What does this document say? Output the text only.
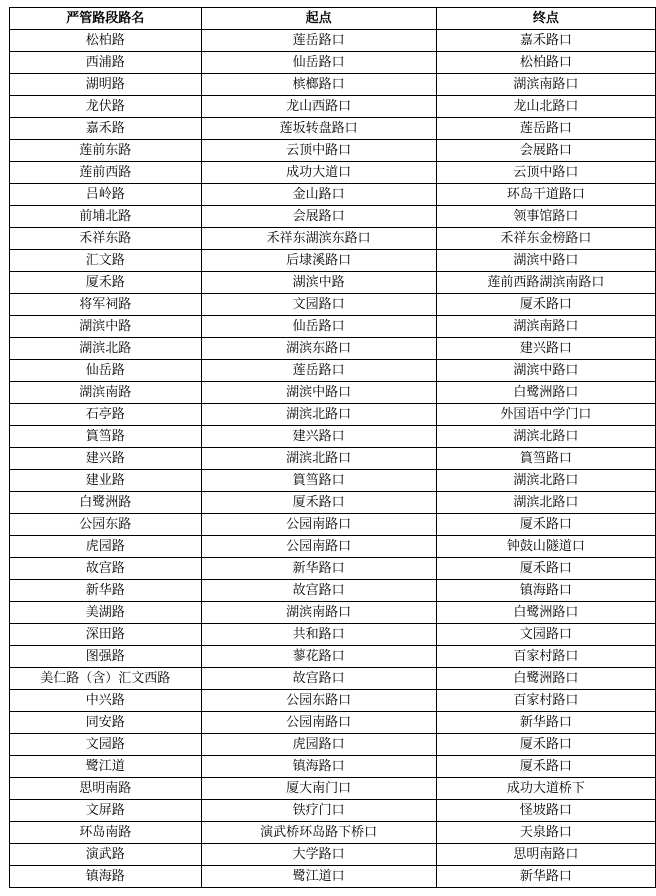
严管路段路名	起点	终点
松柏路	莲岳路口	嘉禾路口
西浦路	仙岳路口	松柏路口
湖明路	槟榔路口	湖滨南路口
龙伏路	龙山西路口	龙山北路口
嘉禾路	莲坂转盘路口	莲岳路口
莲前东路	云顶中路口	会展路口
莲前西路	成功大道口	云顶中路口
吕岭路	金山路口	环岛干道路口
前埔北路	会展路口	领事馆路口
禾祥东路	禾祥东湖滨东路口	禾祥东金榜路口
汇文路	后埭溪路口	湖滨中路口
厦禾路	湖滨中路	莲前西路湖滨南路口
将军祠路	文园路口	厦禾路口
湖滨中路	仙岳路口	湖滨南路口
湖滨北路	湖滨东路口	建兴路口
仙岳路	莲岳路口	湖滨中路口
湖滨南路	湖滨中路口	白鹭洲路口
石亭路	湖滨北路口	外国语中学门口
篔筜路	建兴路口	湖滨北路口
建兴路	湖滨北路口	篔筜路口
建业路	篔筜路口	湖滨北路口
白鹭洲路	厦禾路口	湖滨北路口
公园东路	公园南路口	厦禾路口
虎园路	公园南路口	钟鼓山隧道口
故宫路	新华路口	厦禾路口
新华路	故宫路口	镇海路口
美湖路	湖滨南路口	白鹭洲路口
深田路	共和路口	文园路口
图强路	蓼花路口	百家村路口
美仁路（含）汇文西路	故宫路口	白鹭洲路口
中兴路	公园东路口	百家村路口
同安路	公园南路口	新华路口
文园路	虎园路口	厦禾路口
鹭江道	镇海路口	厦禾路口
思明南路	厦大南门口	成功大道桥下
文屏路	铁疗门口	怪坡路口
环岛南路	演武桥环岛路下桥口	天泉路口
演武路	大学路口	思明南路口
镇海路	鹭江道口	新华路口
